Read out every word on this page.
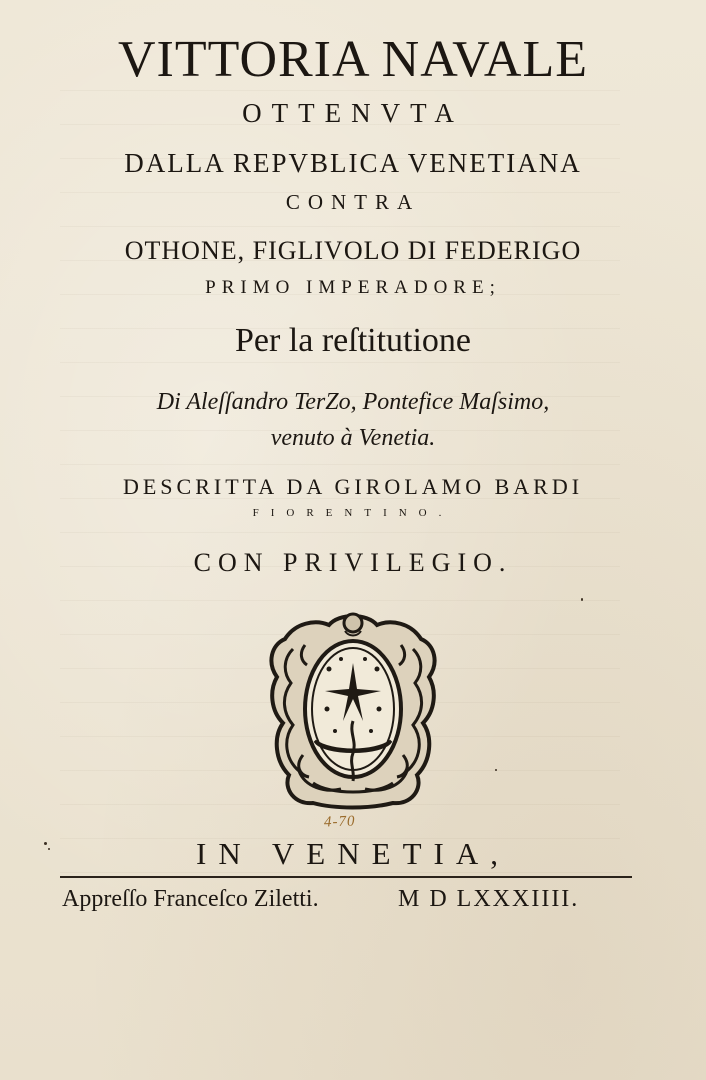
VITTORIA NAVALE
OTTENVTA
DALLA REPVBLICA VENETIANA
CONTRA
OTHONE, FIGLIVOLO DI FEDERIGO
PRIMO IMPERADORE;
Per la reſtitutione
Di Aleſſandro TerZo, Pontefice Maſsimo,
venuto à Venetia.
DESCRITTA DA GIROLAMO BARDI
FIORENTINO.
CON PRIVILEGIO.
4-70
IN VENETIA,
Appreſſo Franceſco Ziletti.	M D LXXXIIII.
